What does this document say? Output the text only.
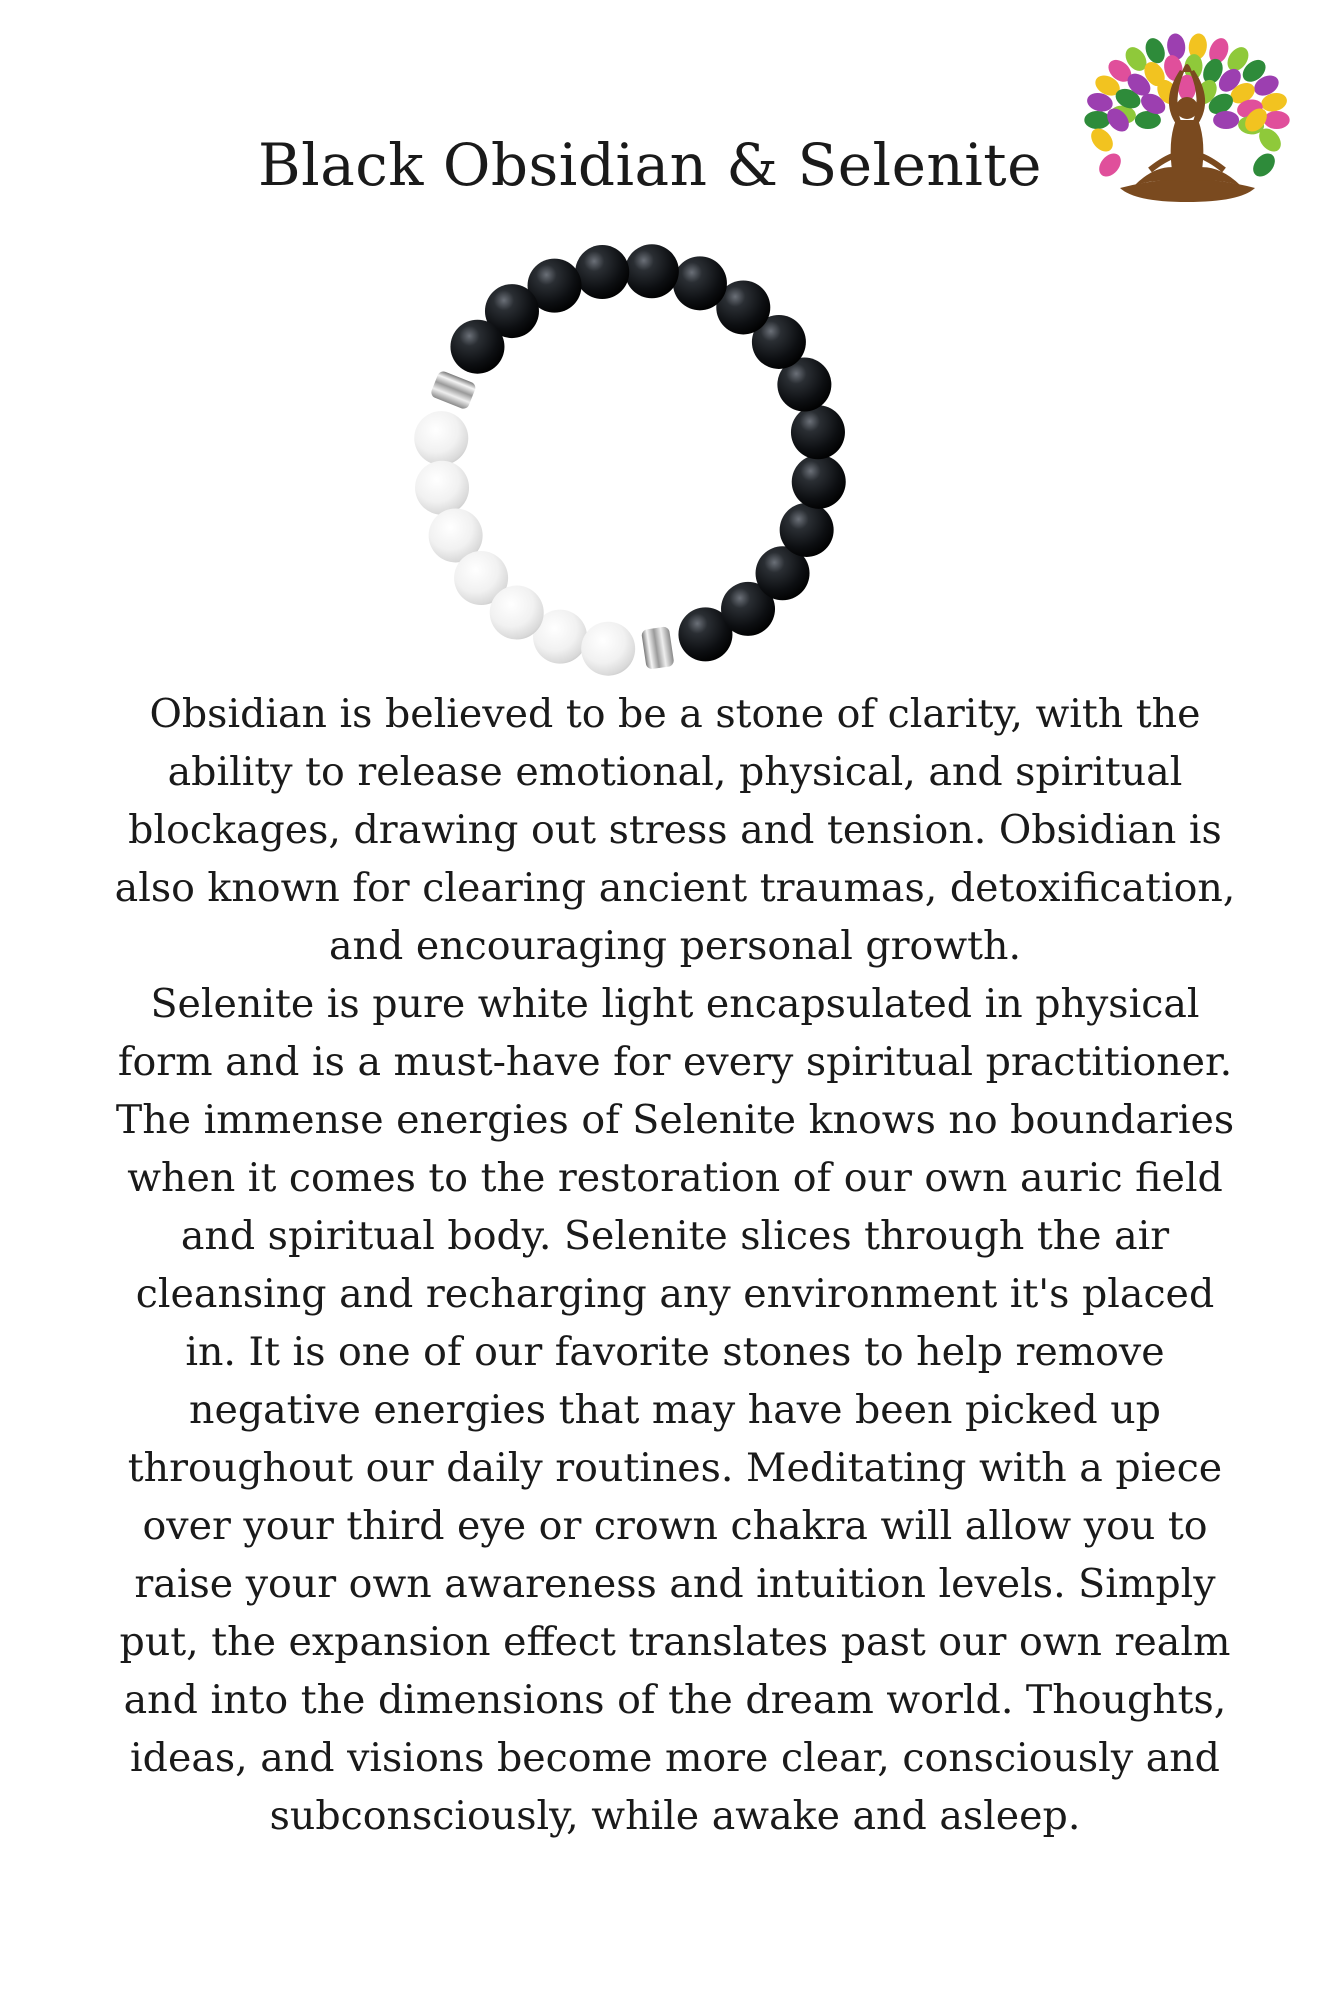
Black Obsidian & Selenite

Obsidian is believed to be a stone of clarity, with the ability to release emotional, physical, and spiritual blockages, drawing out stress and tension. Obsidian is also known for clearing ancient traumas, detoxification, and encouraging personal growth.

Selenite is pure white light encapsulated in physical form and is a must-have for every spiritual practitioner. The immense energies of Selenite knows no boundaries when it comes to the restoration of our own auric field and spiritual body. Selenite slices through the air cleansing and recharging any environment it's placed in. It is one of our favorite stones to help remove negative energies that may have been picked up throughout our daily routines. Meditating with a piece over your third eye or crown chakra will allow you to raise your own awareness and intuition levels. Simply put, the expansion effect translates past our own realm and into the dimensions of the dream world. Thoughts, ideas, and visions become more clear, consciously and subconsciously, while awake and asleep.
